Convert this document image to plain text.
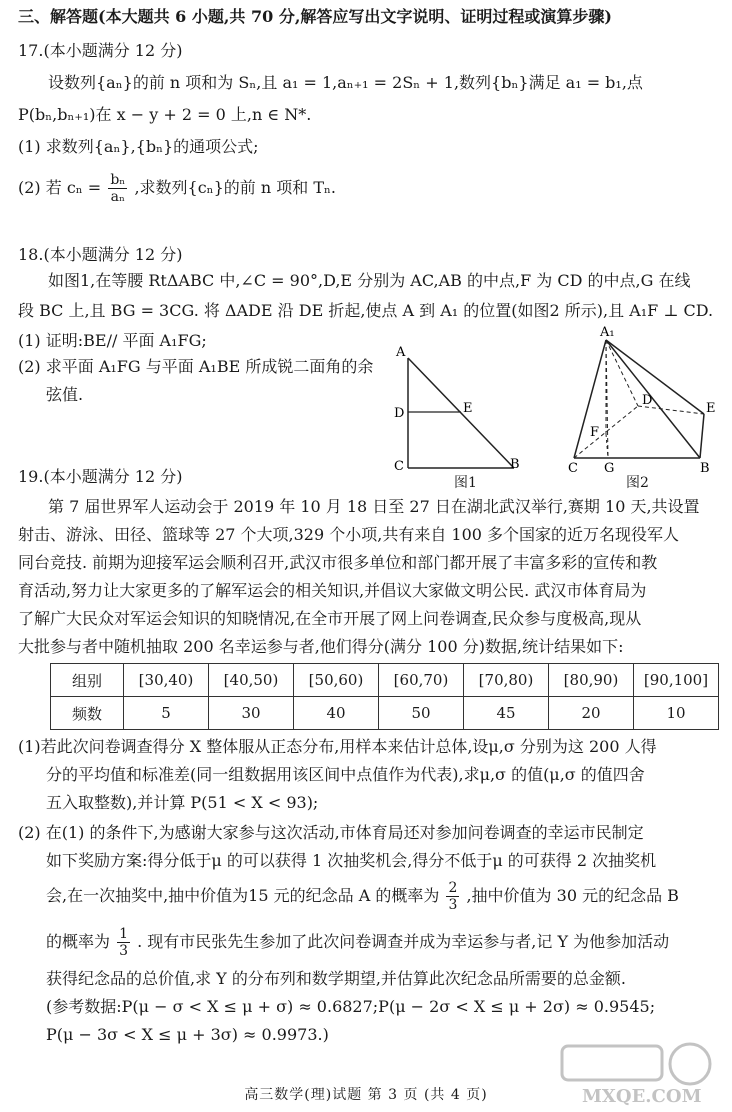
三、解答题(本大题共 6 小题,共 70 分,解答应写出文字说明、证明过程或演算步骤)
17.(本小题满分 12 分)
设数列{aₙ}的前 n 项和为 Sₙ,且 a₁ = 1,aₙ₊₁ = 2Sₙ + 1,数列{bₙ}满足 a₁ = b₁,点
P(bₙ,bₙ₊₁)在 x − y + 2 = 0 上,n ∈ N*.
(1) 求数列{aₙ},{bₙ}的通项公式;
(2) 若 $c_n = \frac{\text{bₙ}}{\text{aₙ}}$ ,求数列{cₙ}的前 n 项和 Tₙ.
18.(本小题满分 12 分)
如图1,在等腰 RtΔABC 中,∠C = 90°,D,E 分别为 AC,AB 的中点,F 为 CD 的中点,G 在线
段 BC 上,且 BG = 3CG. 将 ΔADE 沿 DE 折起,使点 A 到 A₁ 的位置(如图2 所示),且 A₁F ⊥ CD.
(1) 证明:BE// 平面 A₁FG;
(2) 求平面 A₁FG 与平面 A₁BE 所成锐二面角的余
弦值.
A
D	E
C	B
图1
A₁
D
E
F
C G	B
图2
19.(本小题满分 12 分)
第 7 届世界军人运动会于 2019 年 10 月 18 日至 27 日在湖北武汉举行,赛期 10 天,共设置
射击、游泳、田径、篮球等 27 个大项,329 个小项,共有来自 100 多个国家的近万名现役军人
同台竞技. 前期为迎接军运会顺利召开,武汉市很多单位和部门都开展了丰富多彩的宣传和教
育活动,努力让大家更多的了解军运会的相关知识,并倡议大家做文明公民. 武汉市体育局为
了解广大民众对军运会知识的知晓情况,在全市开展了网上问卷调查,民众参与度极高,现从
大批参与者中随机抽取 200 名幸运参与者,他们得分(满分 100 分)数据,统计结果如下:
组别	[30,40)	[40,50)	[50,60)	[60,70)	[70,80)	[80,90)	[90,100]
频数	5	30	40	50	45	20	10
(1)若此次问卷调查得分 X 整体服从正态分布,用样本来估计总体,设μ,σ 分别为这 200 人得
分的平均值和标准差(同一组数据用该区间中点值作为代表),求μ,σ 的值(μ,σ 的值四舍
五入取整数),并计算 P(51 < X < 93);
(2) 在(1) 的条件下,为感谢大家参与这次活动,市体育局还对参加问卷调查的幸运市民制定
如下奖励方案:得分低于μ 的可以获得 1 次抽奖机会,得分不低于μ 的可获得 2 次抽奖机
会,在一次抽奖中,抽中价值为15 元的纪念品 A 的概率为 $\frac{2}{3}$ ,抽中价值为 30 元的纪念品 B
的概率为 $\frac{1}{3}$ . 现有市民张先生参加了此次问卷调查并成为幸运参与者,记 Y 为他参加活动
获得纪念品的总价值,求 Y 的分布列和数学期望,并估算此次纪念品所需要的总金额.
(参考数据:P(μ − σ < X ≤ μ + σ) ≈ 0.6827;P(μ − 2σ < X ≤ μ + 2σ) ≈ 0.9545;
P(μ − 3σ < X ≤ μ + 3σ) ≈ 0.9973.)
高三数学(理)试题 第 3 页 (共 4 页)	MXQE.COM
